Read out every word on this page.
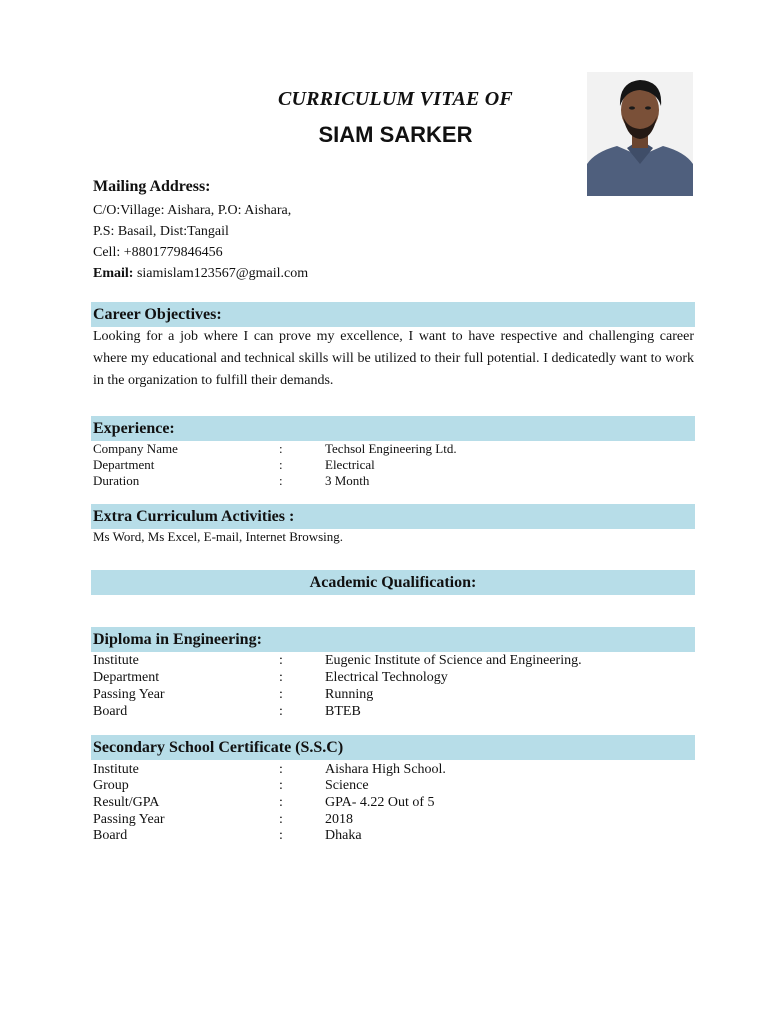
CURRICULUM VITAE OF
SIAM SARKER
Mailing Address:
C/O:Village: Aishara, P.O: Aishara,
P.S: Basail, Dist:Tangail
Cell: +8801779846456
Email: siamislam123567@gmail.com
Career Objectives:
Looking for a job where I can prove my excellence, I want to have respective and challenging career where my educational and technical skills will be utilized to their full potential. I dedicatedly want to work in the organization to fulfill their demands.
Experience:
Company Name	:	Techsol Engineering Ltd.
Department	:	Electrical
Duration	:	3 Month
Extra Curriculum Activities :
Ms Word, Ms Excel, E-mail, Internet Browsing.
Academic Qualification:
Diploma in Engineering:
Institute	:	Eugenic Institute of Science and Engineering.
Department	:	Electrical Technology
Passing Year	:	Running
Board	:	BTEB
Secondary School Certificate (S.S.C)
Institute	:	Aishara High School.
Group	:	Science
Result/GPA	:	GPA- 4.22 Out of 5
Passing Year	:	2018
Board	:	Dhaka
